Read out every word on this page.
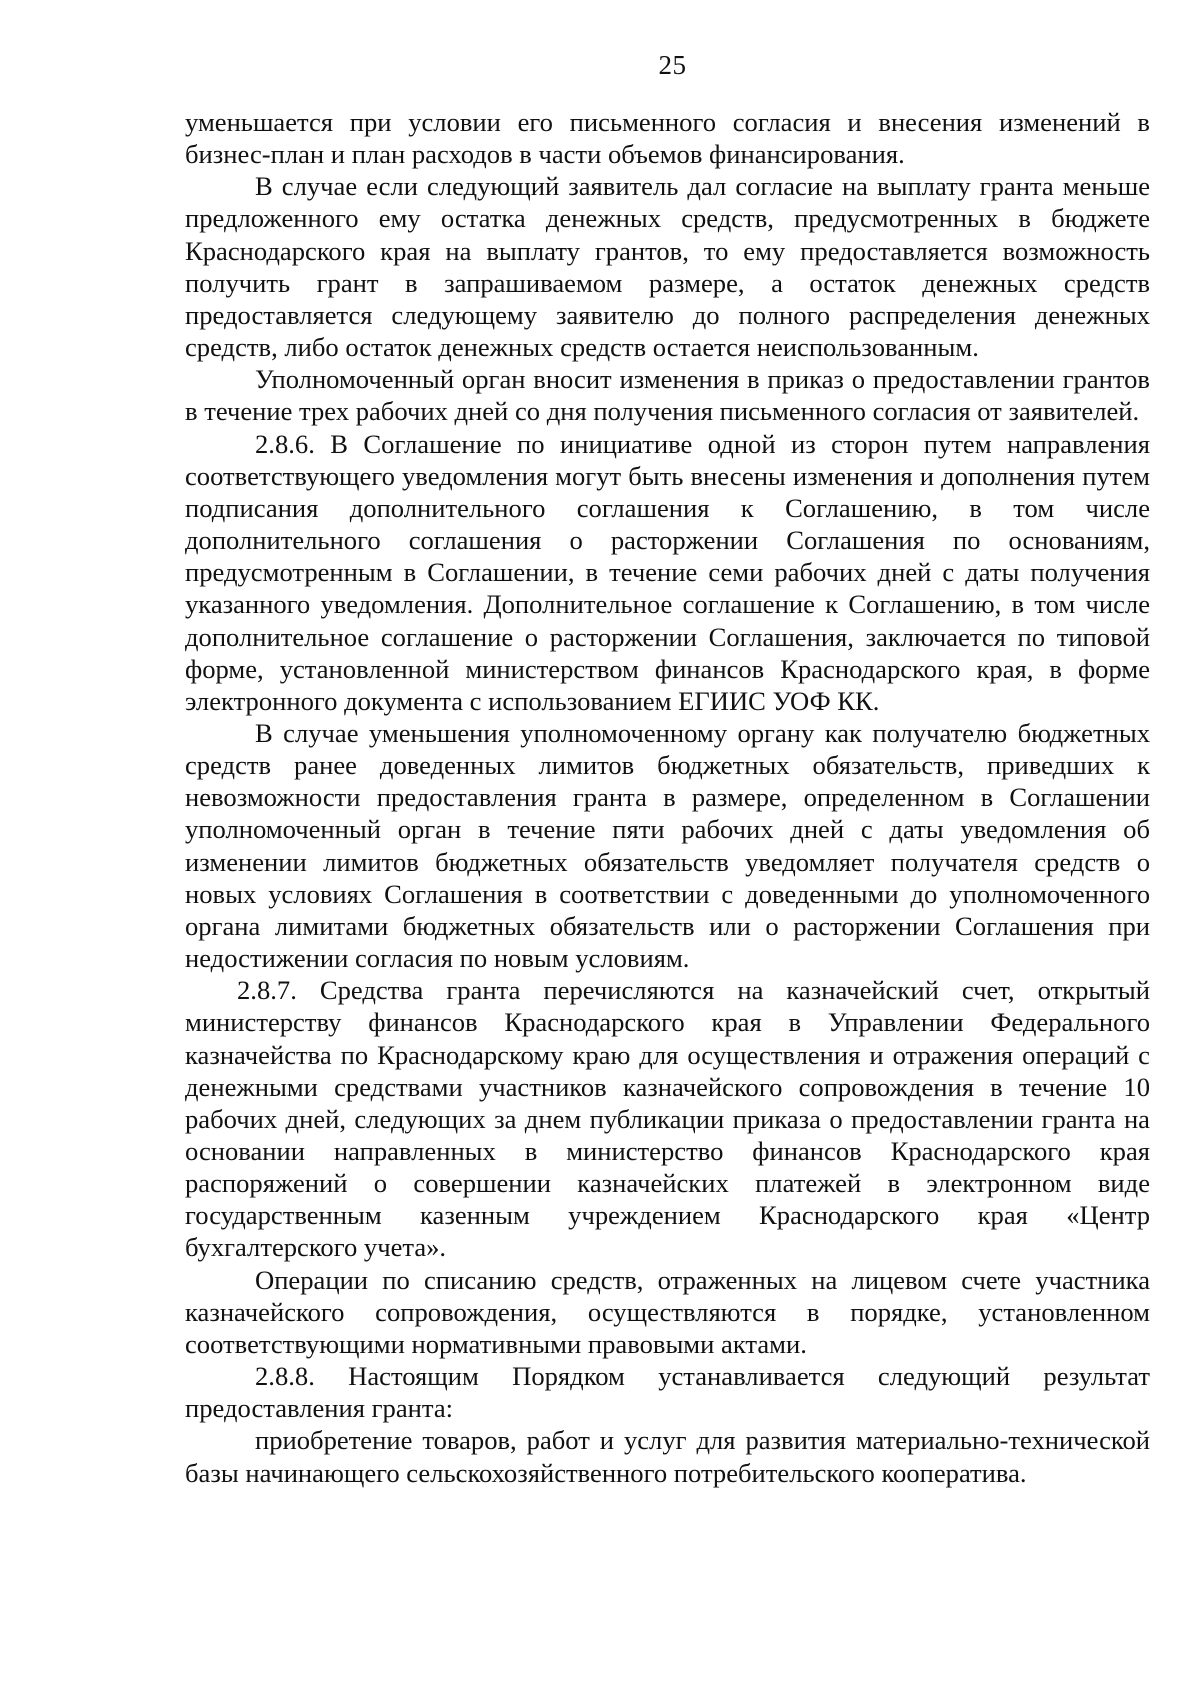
25

уменьшается при условии его письменного согласия и внесения изменений в бизнес-план и план расходов в части объемов финансирования.

В случае если следующий заявитель дал согласие на выплату гранта меньше предложенного ему остатка денежных средств, предусмотренных в бюджете Краснодарского края на выплату грантов, то ему предоставляется возможность получить грант в запрашиваемом размере, а остаток денежных средств предоставляется следующему заявителю до полного распределения денежных средств, либо остаток денежных средств остается неиспользованным.

Уполномоченный орган вносит изменения в приказ о предоставлении грантов в течение трех рабочих дней со дня получения письменного согласия от заявителей.

2.8.6. В Соглашение по инициативе одной из сторон путем направления соответствующего уведомления могут быть внесены изменения и дополнения путем подписания дополнительного соглашения к Соглашению, в том числе дополнительного соглашения о расторжении Соглашения по основаниям, предусмотренным в Соглашении, в течение семи рабочих дней с даты получения указанного уведомления. Дополнительное соглашение к Соглашению, в том числе дополнительное соглашение о расторжении Соглашения, заключается по типовой форме, установленной министерством финансов Краснодарского края, в форме электронного документа с использованием ЕГИИС УОФ КК.

В случае уменьшения уполномоченному органу как получателю бюджетных средств ранее доведенных лимитов бюджетных обязательств, приведших к невозможности предоставления гранта в размере, определенном в Соглашении уполномоченный орган в течение пяти рабочих дней с даты уведомления об изменении лимитов бюджетных обязательств уведомляет получателя средств о новых условиях Соглашения в соответствии с доведенными до уполномоченного органа лимитами бюджетных обязательств или о расторжении Соглашения при недостижении согласия по новым условиям.

2.8.7. Средства гранта перечисляются на казначейский счет, открытый министерству финансов Краснодарского края в Управлении Федерального казначейства по Краснодарскому краю для осуществления и отражения операций с денежными средствами участников казначейского сопровождения в течение 10 рабочих дней, следующих за днем публикации приказа о предоставлении гранта на основании направленных в министерство финансов Краснодарского края распоряжений о совершении казначейских платежей в электронном виде государственным казенным учреждением Краснодарского края «Центр бухгалтерского учета».

Операции по списанию средств, отраженных на лицевом счете участника казначейского сопровождения, осуществляются в порядке, установленном соответствующими нормативными правовыми актами.

2.8.8. Настоящим Порядком устанавливается следующий результат предоставления гранта:

приобретение товаров, работ и услуг для развития материально-технической базы начинающего сельскохозяйственного потребительского кооператива.
